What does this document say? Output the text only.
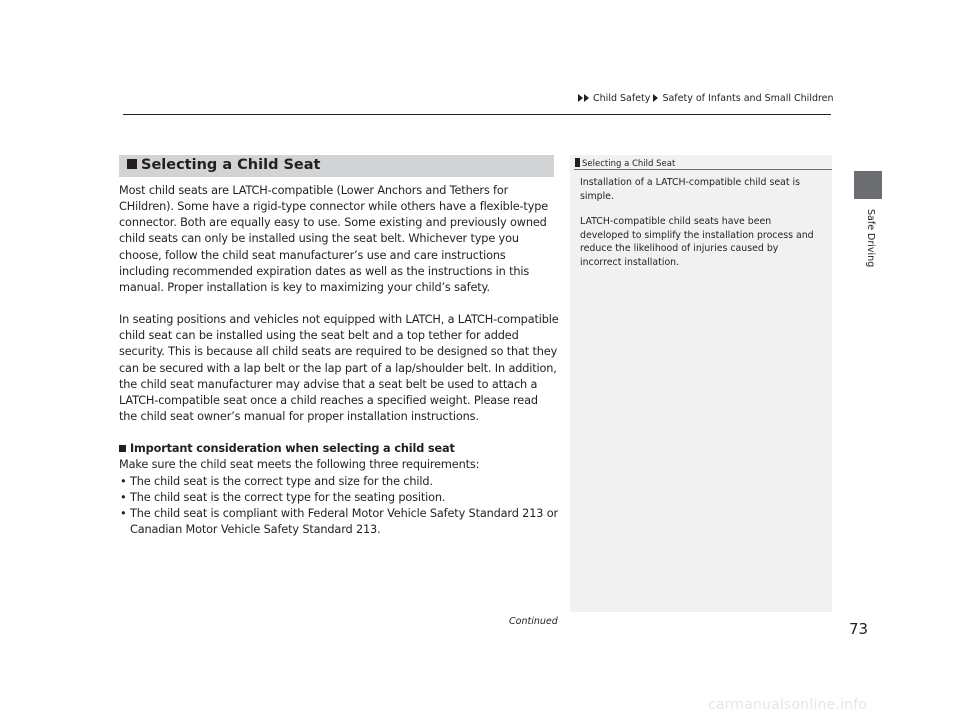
Child Safety Safety of Infants and Small Children
Safe Driving
Selecting a Child Seat

Most child seats are LATCH-compatible (Lower Anchors and Tethers for CHildren). Some have a rigid-type connector while others have a flexible-type connector. Both are equally easy to use. Some existing and previously owned child seats can only be installed using the seat belt. Whichever type you choose, follow the child seat manufacturer’s use and care instructions including recommended expiration dates as well as the instructions in this manual. Proper installation is key to maximizing your child’s safety.

In seating positions and vehicles not equipped with LATCH, a LATCH-compatible child seat can be installed using the seat belt and a top tether for added security. This is because all child seats are required to be designed so that they can be secured with a lap belt or the lap part of a lap/shoulder belt. In addition, the child seat manufacturer may advise that a seat belt be used to attach a LATCH-compatible seat once a child reaches a specified weight. Please read the child seat owner’s manual for proper installation instructions.

Important consideration when selecting a child seat

Make sure the child seat meets the following three requirements:

• The child seat is the correct type and size for the child.
• The child seat is the correct type for the seating position.
• The child seat is compliant with Federal Motor Vehicle Safety Standard 213 or Canadian Motor Vehicle Safety Standard 213.
Selecting a Child Seat

Installation of a LATCH-compatible child seat is simple.

LATCH-compatible child seats have been developed to simplify the installation process and reduce the likelihood of injuries caused by incorrect installation.

Continued	73
carmanualsonline.info
